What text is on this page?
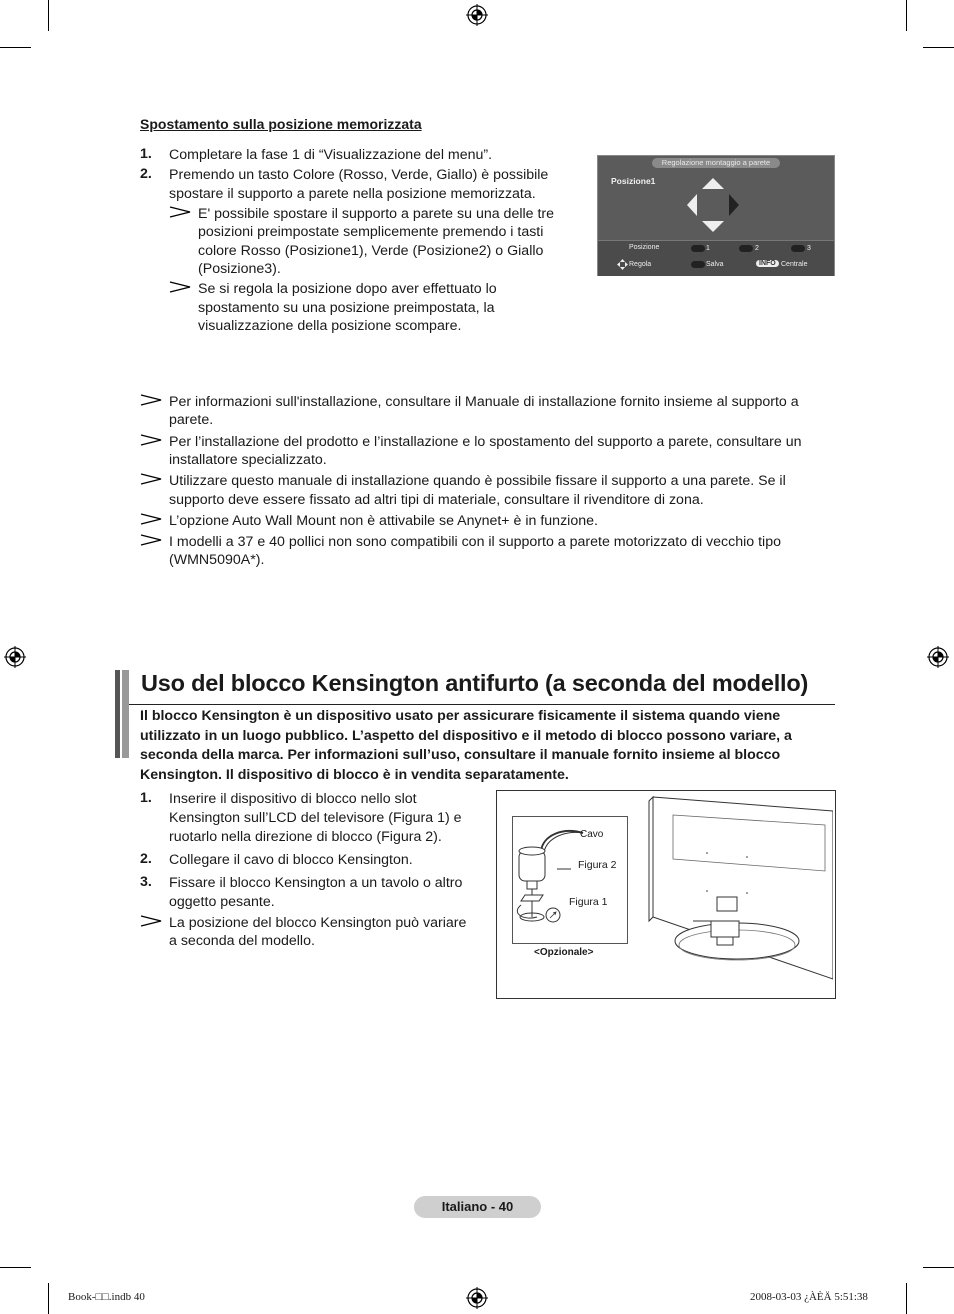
Spostamento sulla posizione memorizzata
1. Completare la fase 1 di “Visualizzazione del menu”.
2. Premendo un tasto Colore (Rosso, Verde, Giallo) è possibile
spostare il supporto a parete nella posizione memorizzata.
E' possibile spostare il supporto a parete su una delle tre
posizioni preimpostate semplicemente premendo i tasti
colore Rosso (Posizione1), Verde (Posizione2) o Giallo
(Posizione3).
Se si regola la posizione dopo aver effettuato lo
spostamento su una posizione preimpostata, la
visualizzazione della posizione scompare.
Regolazione montaggio a parete
Posizione1
Posizione	1	2	3
Regola	Salva	INFO Centrale
Per informazioni sull'installazione, consultare il Manuale di installazione fornito insieme al supporto a
parete.
Per l’installazione del prodotto e l’installazione e lo spostamento del supporto a parete, consultare un
installatore specializzato.
Utilizzare questo manuale di installazione quando è possibile fissare il supporto a una parete. Se il
supporto deve essere fissato ad altri tipi di materiale, consultare il rivenditore di zona.
L’opzione Auto Wall Mount non è attivabile se Anynet+ è in funzione.
I modelli a 37 e 40 pollici non sono compatibili con il supporto a parete motorizzato di vecchio tipo
(WMN5090A*).
Uso del blocco Kensington antifurto (a seconda del modello)
Il blocco Kensington è un dispositivo usato per assicurare fisicamente il sistema quando viene
utilizzato in un luogo pubblico. L’aspetto del dispositivo e il metodo di blocco possono variare, a
seconda della marca. Per informazioni sull’uso, consultare il manuale fornito insieme al blocco
Kensington. Il dispositivo di blocco è in vendita separatamente.
1. Inserire il dispositivo di blocco nello slot
Kensington sull’LCD del televisore (Figura 1) e
ruotarlo nella direzione di blocco (Figura 2).
2. Collegare il cavo di blocco Kensington.
3. Fissare il blocco Kensington a un tavolo o altro
oggetto pesante.
La posizione del blocco Kensington può variare
a seconda del modello.
Cavo
Figura 2
Figura 1
<Opzionale>
Italiano - 40
Book-□□.indb 40	2008-03-03 ¿ÀÈÄ 5:51:38
